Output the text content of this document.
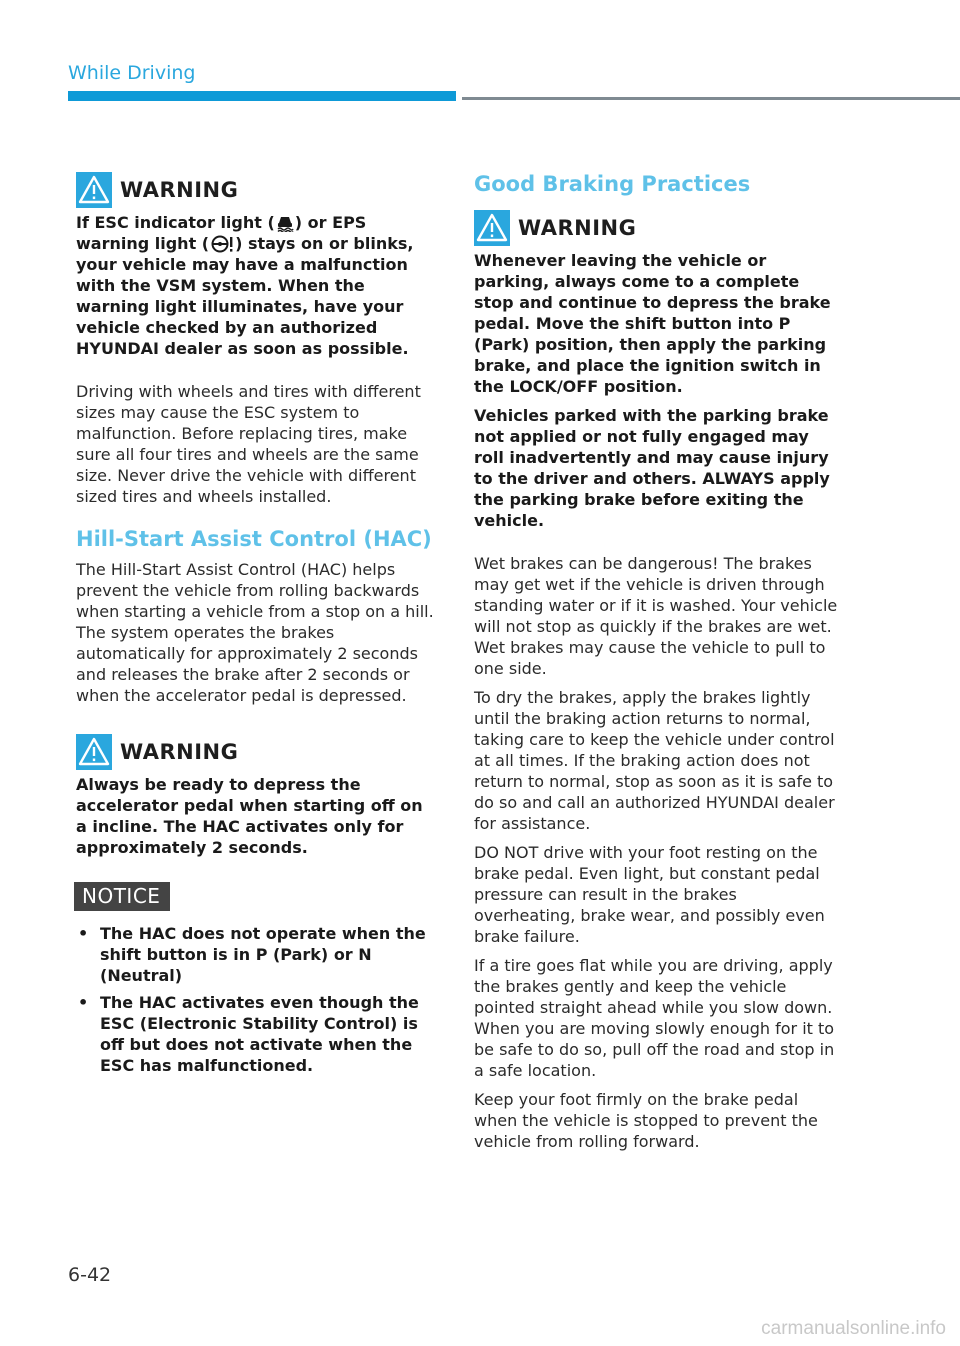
While Driving
WARNING

If ESC indicator light ( ) or EPS warning light ( ) stays on or blinks, your vehicle may have a malfunction with the VSM system. When the warning light illuminates, have your vehicle checked by an authorized HYUNDAI dealer as soon as possible.

Driving with wheels and tires with different sizes may cause the ESC system to malfunction. Before replacing tires, make sure all four tires and wheels are the same size. Never drive the vehicle with different sized tires and wheels installed.

Hill-Start Assist Control (HAC)

The Hill-Start Assist Control (HAC) helps prevent the vehicle from rolling backwards when starting a vehicle from a stop on a hill. The system operates the brakes automatically for approximately 2 seconds and releases the brake after 2 seconds or when the accelerator pedal is depressed.

WARNING

Always be ready to depress the accelerator pedal when starting off on a incline. The HAC activates only for approximately 2 seconds.

NOTICE
• The HAC does not operate when the shift button is in P (Park) or N (Neutral)
• The HAC activates even though the ESC (Electronic Stability Control) is off but does not activate when the ESC has malfunctioned.
Good Braking Practices
WARNING

Whenever leaving the vehicle or parking, always come to a complete stop and continue to depress the brake pedal. Move the shift button into P (Park) position, then apply the parking brake, and place the ignition switch in the LOCK/OFF position.

Vehicles parked with the parking brake not applied or not fully engaged may roll inadvertently and may cause injury to the driver and others. ALWAYS apply the parking brake before exiting the vehicle.

Wet brakes can be dangerous! The brakes may get wet if the vehicle is driven through standing water or if it is washed. Your vehicle will not stop as quickly if the brakes are wet. Wet brakes may cause the vehicle to pull to one side.

To dry the brakes, apply the brakes lightly until the braking action returns to normal, taking care to keep the vehicle under control at all times. If the braking action does not return to normal, stop as soon as it is safe to do so and call an authorized HYUNDAI dealer for assistance.

DO NOT drive with your foot resting on the brake pedal. Even light, but constant pedal pressure can result in the brakes overheating, brake wear, and possibly even brake failure.

If a tire goes flat while you are driving, apply the brakes gently and keep the vehicle pointed straight ahead while you slow down. When you are moving slowly enough for it to be safe to do so, pull off the road and stop in a safe location.

Keep your foot firmly on the brake pedal when the vehicle is stopped to prevent the vehicle from rolling forward.

6-42
carmanualsonline.info
